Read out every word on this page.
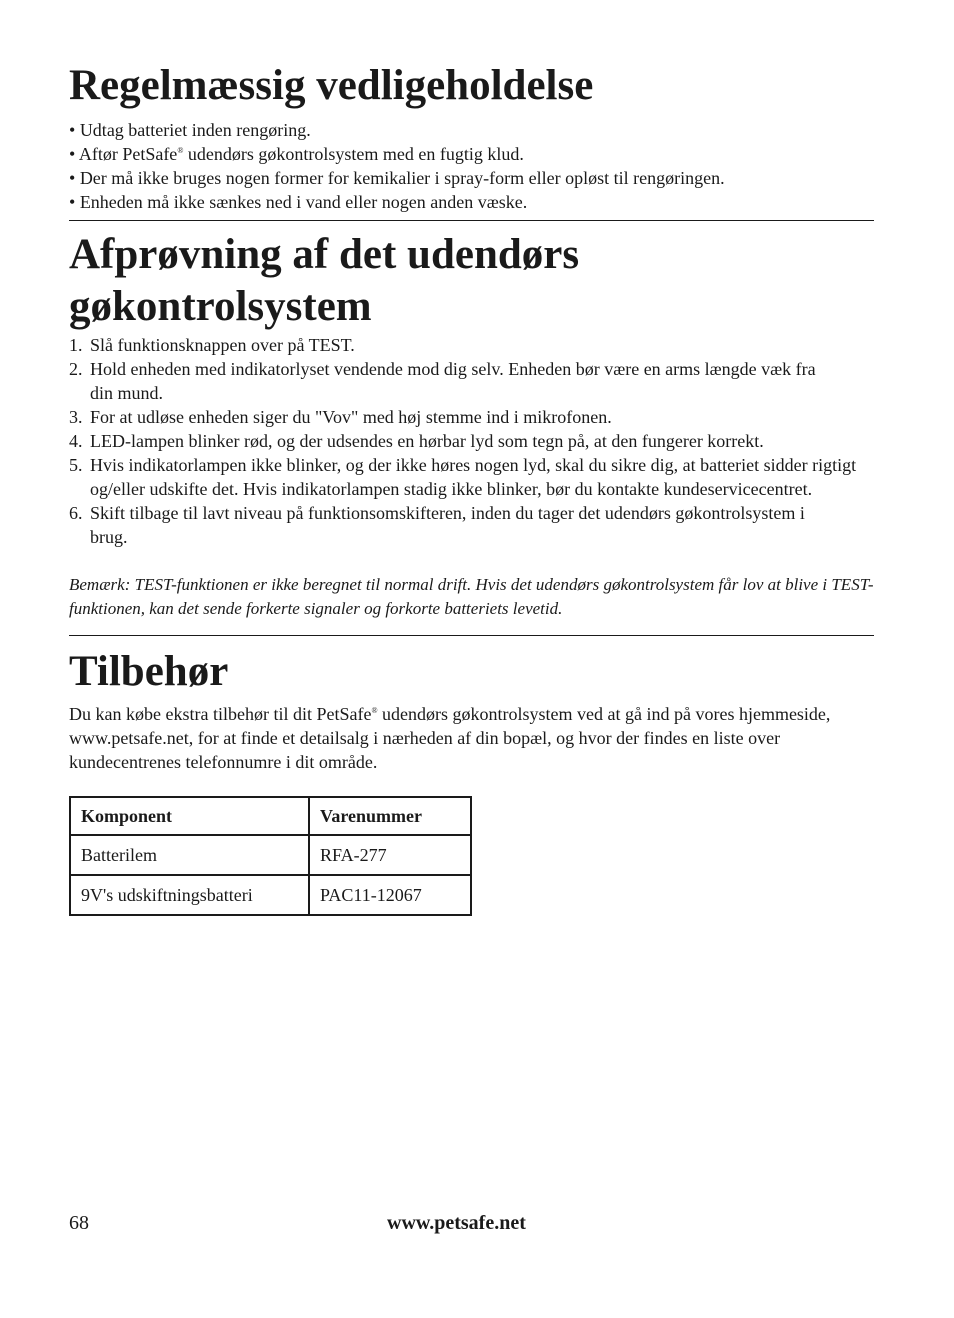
Regelmæssig vedligeholdelse
• Udtag batteriet inden rengøring.
• Aftør PetSafe® udendørs gøkontrolsystem med en fugtig klud.
• Der må ikke bruges nogen former for kemikalier i spray-form eller opløst til rengøringen.
• Enheden må ikke sænkes ned i vand eller nogen anden væske.
Afprøvning af det udendørs
gøkontrolsystem
1. Slå funktionsknappen over på TEST.
2. Hold enheden med indikatorlyset vendende mod dig selv. Enheden bør være en arms længde væk fra din mund.
3. For at udløse enheden siger du "Vov" med høj stemme ind i mikrofonen.
4. LED-lampen blinker rød, og der udsendes en hørbar lyd som tegn på, at den fungerer korrekt.
5. Hvis indikatorlampen ikke blinker, og der ikke høres nogen lyd, skal du sikre dig, at batteriet sidder rigtigt og/eller udskifte det. Hvis indikatorlampen stadig ikke blinker, bør du kontakte kundeservicecentret.
6. Skift tilbage til lavt niveau på funktionsomskifteren, inden du tager det udendørs gøkontrolsystem i brug.

Bemærk: TEST-funktionen er ikke beregnet til normal drift. Hvis det udendørs gøkontrolsystem får lov at blive i TEST-funktionen, kan det sende forkerte signaler og forkorte batteriets levetid.

Tilbehør

Du kan købe ekstra tilbehør til dit PetSafe® udendørs gøkontrolsystem ved at gå ind på vores hjemmeside, www.petsafe.net, for at finde et detailsalg i nærheden af din bopæl, og hvor der findes en liste over kundecentrenes telefonnumre i dit område.

Komponent	Varenummer
Batterilem	RFA-277
9V's udskiftningsbatteri	PAC11-12067
68	www.petsafe.net
